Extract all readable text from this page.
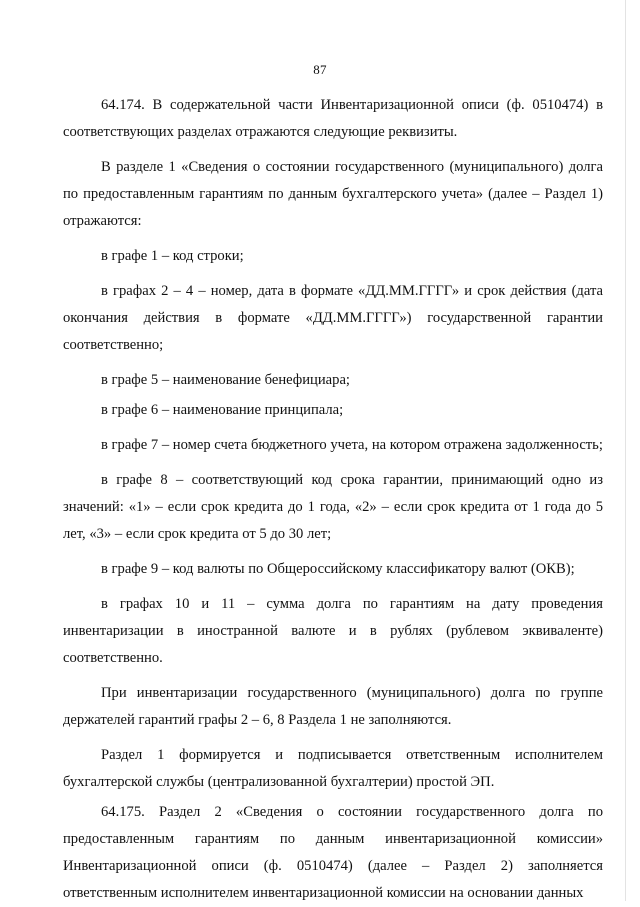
87

64.174. В содержательной части Инвентаризационной описи (ф. 0510474) в соответствующих разделах отражаются следующие реквизиты.

В разделе 1 «Сведения о состоянии государственного (муниципального) долга по предоставленным гарантиям по данным бухгалтерского учета» (далее – Раздел 1) отражаются:

в графе 1 – код строки;

в графах 2 – 4 – номер, дата в формате «ДД.ММ.ГГГГ» и срок действия (дата окончания действия в формате «ДД.ММ.ГГГГ») государственной гарантии соответственно;

в графе 5 – наименование бенефициара;

в графе 6 – наименование принципала;

в графе 7 – номер счета бюджетного учета, на котором отражена задолженность;

в графе 8 – соответствующий код срока гарантии, принимающий одно из значений: «1» – если срок кредита до 1 года, «2» – если срок кредита от 1 года до 5 лет, «3» – если срок кредита от 5 до 30 лет;

в графе 9 – код валюты по Общероссийскому классификатору валют (ОКВ);

в графах 10 и 11 – сумма долга по гарантиям на дату проведения инвентаризации в иностранной валюте и в рублях (рублевом эквиваленте) соответственно.

При инвентаризации государственного (муниципального) долга по группе держателей гарантий графы 2 – 6, 8 Раздела 1 не заполняются.

Раздел 1 формируется и подписывается ответственным исполнителем бухгалтерской службы (централизованной бухгалтерии) простой ЭП.

64.175. Раздел 2 «Сведения о состоянии государственного долга по предоставленным гарантиям по данным инвентаризационной комиссии» Инвентаризационной описи (ф. 0510474) (далее – Раздел 2) заполняется ответственным исполнителем инвентаризационной комиссии на основании данных
